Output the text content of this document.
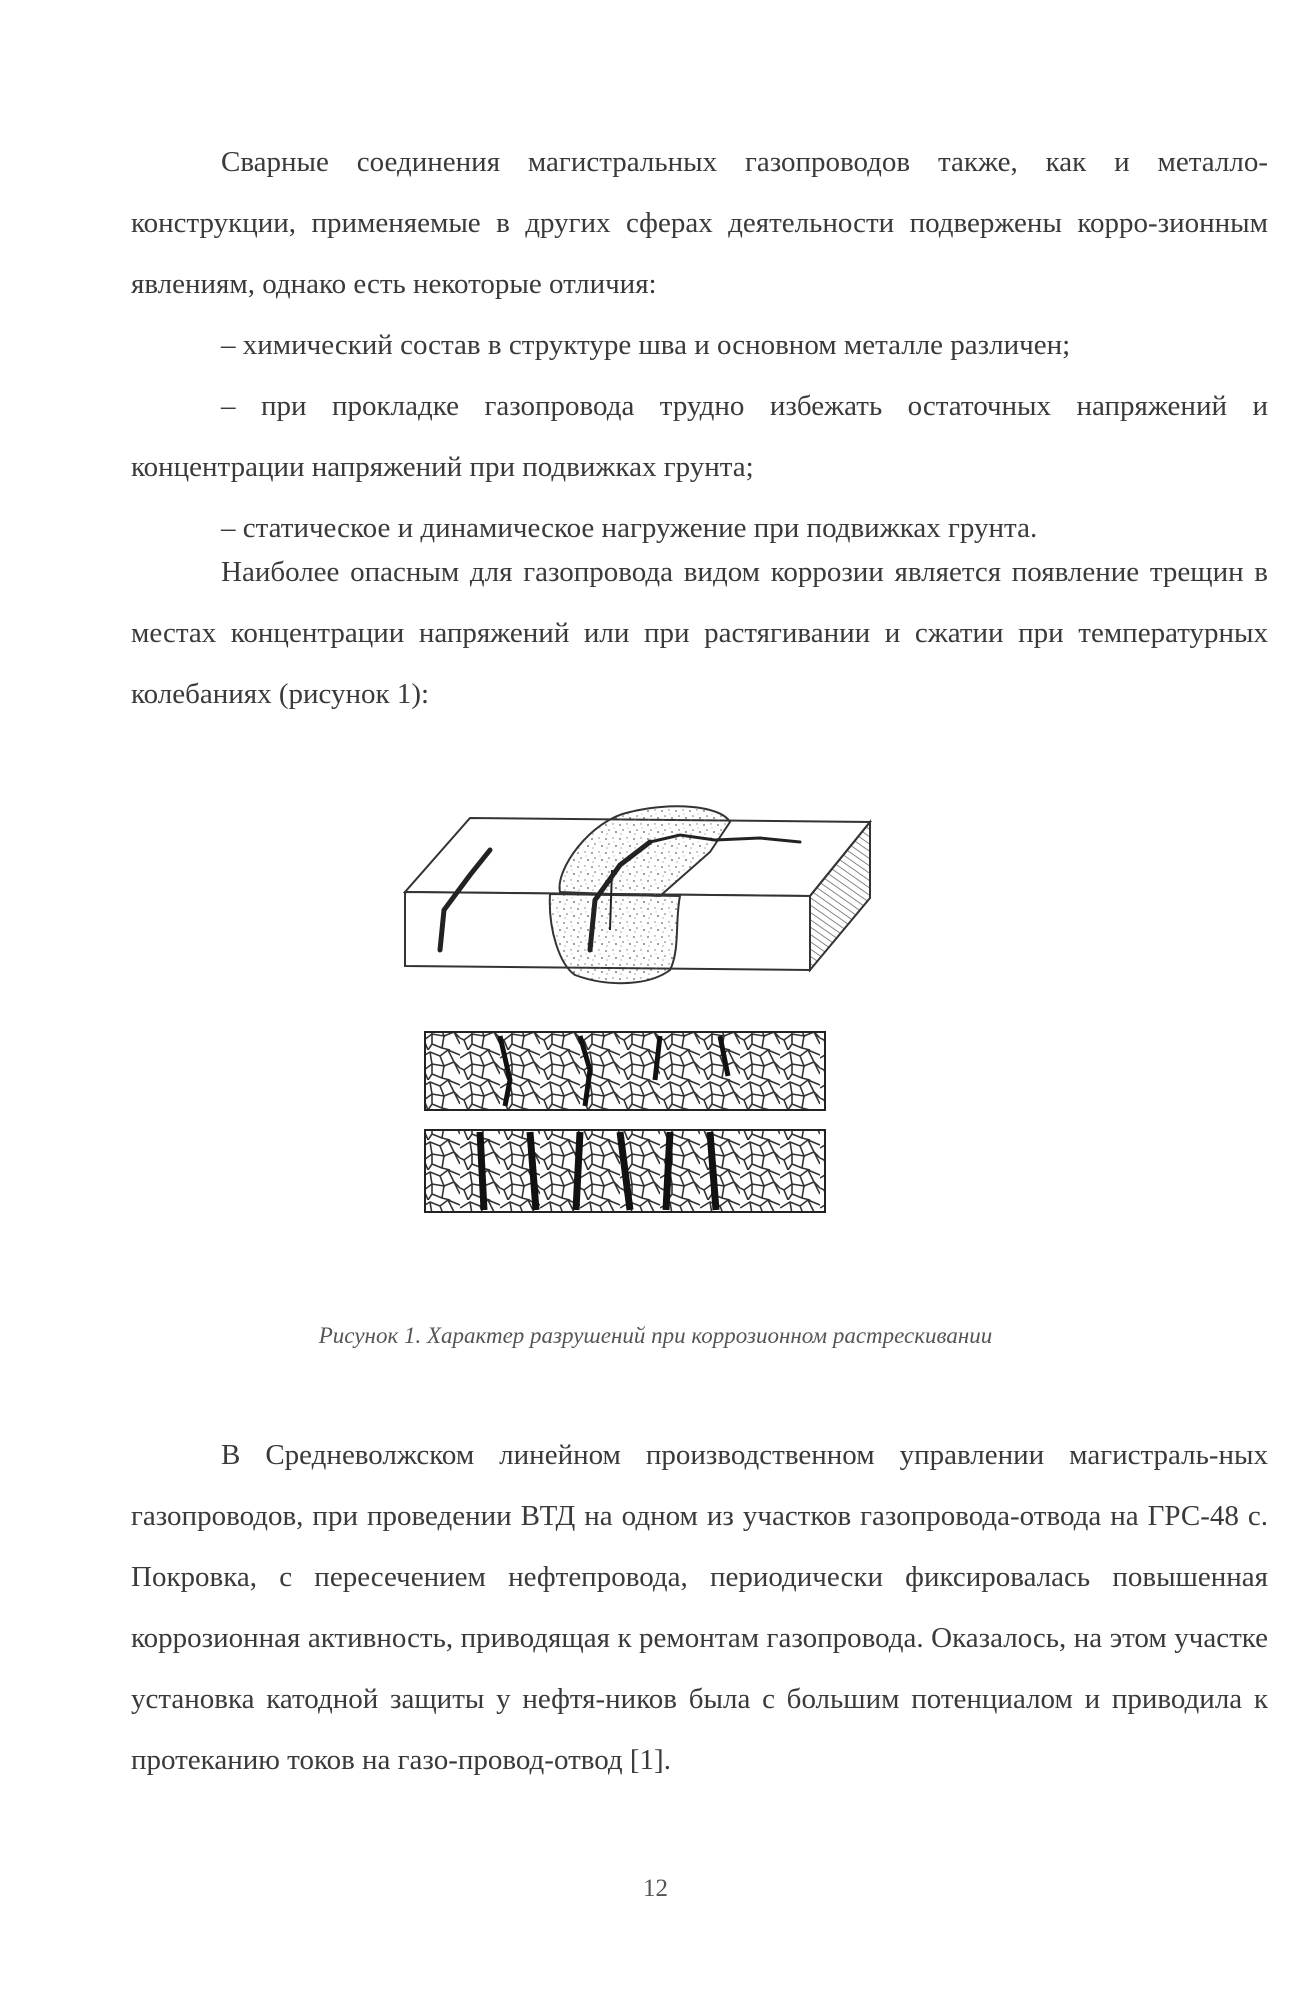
Сварные соединения магистральных газопроводов также, как и металло- конструкции, применяемые в других сферах деятельности подвержены корро-зионным явлениям, однако есть некоторые отличия:

– химический состав в структуре шва и основном металле различен;

– при прокладке газопровода трудно избежать остаточных напряжений и концентрации напряжений при подвижках грунта;

– статическое и динамическое нагружение при подвижках грунта.

Наиболее опасным для газопровода видом коррозии является появление трещин в местах концентрации напряжений или при растягивании и сжатии при температурных колебаниях (рисунок 1):

Рисунок 1. Характер разрушений при коррозионном растрескивании

В Средневолжском линейном производственном управлении магистраль-ных газопроводов, при проведении ВТД на одном из участков газопровода-отвода на ГРС-48 с. Покровка, с пересечением нефтепровода, периодически фиксировалась повышенная коррозионная активность, приводящая к ремонтам газопровода. Оказалось, на этом участке установка катодной защиты у нефтя-ников была с большим потенциалом и приводила к протеканию токов на газо-провод-отвод [1].

12
